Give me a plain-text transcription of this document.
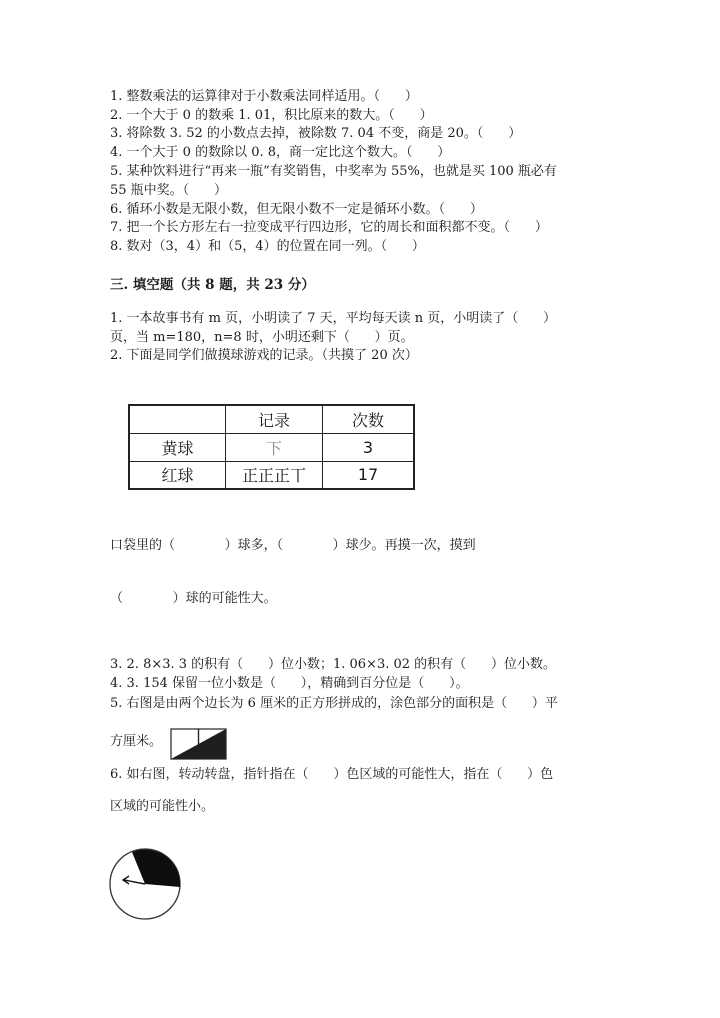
1. 整数乘法的运算律对于小数乘法同样适用。（      ）
2. 一个大于 0 的数乘 1. 01，积比原来的数大。（      ）
3. 将除数 3. 52 的小数点去掉，被除数 7. 04 不变，商是 20。（      ）
4. 一个大于 0 的数除以 0. 8，商一定比这个数大。（      ）
5. 某种饮料进行“再来一瓶”有奖销售，中奖率为 55%，也就是买 100 瓶必有
55 瓶中奖。（      ）
6. 循环小数是无限小数，但无限小数不一定是循环小数。（      ）
7. 把一个长方形左右一拉变成平行四边形，它的周长和面积都不变。（      ）
8. 数对（3，4）和（5，4）的位置在同一列。（      ）
三. 填空题（共 8 题，共 23 分）
1. 一本故事书有 m 页，小明读了 7 天，平均每天读 n 页，小明读了（      ）
页，当 m=180，n=8 时，小明还剩下（      ）页。
2. 下面是同学们做摸球游戏的记录。（共摸了 20 次）
	记录	次数
黄球	下	3
红球	正正正丅	17
口袋里的（            ）球多，（            ）球少。再摸一次，摸到
（            ）球的可能性大。
3. 2. 8×3. 3 的积有（      ）位小数；1. 06×3. 02 的积有（      ）位小数。
4. 3. 154 保留一位小数是（      ），精确到百分位是（      ）。
5. 右图是由两个边长为 6 厘米的正方形拼成的，涂色部分的面积是（      ）平
方厘米。
6. 如右图，转动转盘，指针指在（      ）色区域的可能性大，指在（      ）色
区域的可能性小。
